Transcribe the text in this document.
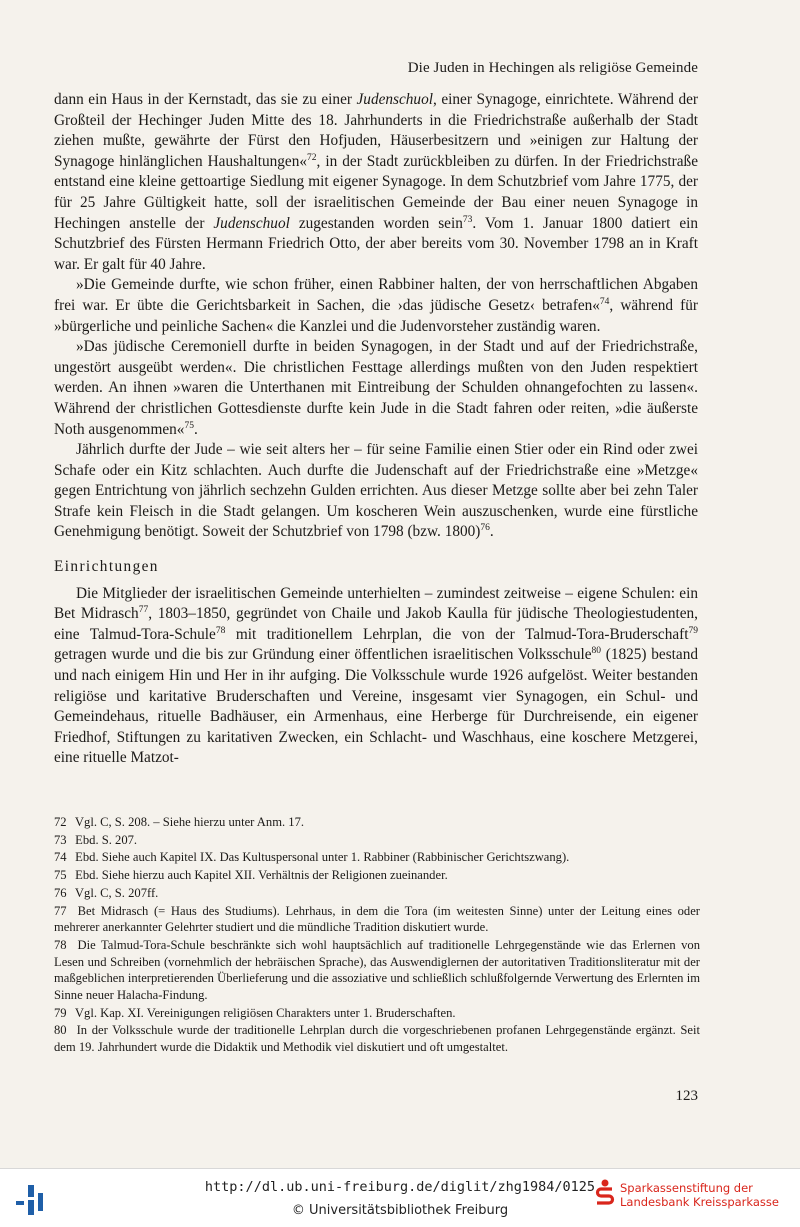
Die Juden in Hechingen als religiöse Gemeinde

dann ein Haus in der Kernstadt, das sie zu einer Judenschuol, einer Synagoge, einrichtete. Während der Großteil der Hechinger Juden Mitte des 18. Jahrhunderts in die Friedrichstraße außerhalb der Stadt ziehen mußte, gewährte der Fürst den Hofjuden, Häuserbesitzern und »einigen zur Haltung der Synagoge hinlänglichen Haushaltungen«$^{72}$, in der Stadt zurückbleiben zu dürfen. In der Friedrichstraße entstand eine kleine gettoartige Siedlung mit eigener Synagoge. In dem Schutzbrief vom Jahre 1775, der für 25 Jahre Gültigkeit hatte, soll der israelitischen Gemeinde der Bau einer neuen Synagoge in Hechingen anstelle der Judenschuol zugestanden worden sein$^{73}$. Vom 1. Januar 1800 datiert ein Schutzbrief des Fürsten Hermann Friedrich Otto, der aber bereits vom 30. November 1798 an in Kraft war. Er galt für 40 Jahre.

»Die Gemeinde durfte, wie schon früher, einen Rabbiner halten, der von herrschaftlichen Abgaben frei war. Er übte die Gerichtsbarkeit in Sachen, die ›das jüdische Gesetz‹ betrafen«$^{74}$, während für »bürgerliche und peinliche Sachen« die Kanzlei und die Judenvorsteher zuständig waren.

»Das jüdische Ceremoniell durfte in beiden Synagogen, in der Stadt und auf der Friedrichstraße, ungestört ausgeübt werden«. Die christlichen Festtage allerdings mußten von den Juden respektiert werden. An ihnen »waren die Unterthanen mit Eintreibung der Schulden ohnangefochten zu lassen«. Während der christlichen Gottesdienste durfte kein Jude in die Stadt fahren oder reiten, »die äußerste Noth ausgenommen«$^{75}$.

Jährlich durfte der Jude – wie seit alters her – für seine Familie einen Stier oder ein Rind oder zwei Schafe oder ein Kitz schlachten. Auch durfte die Judenschaft auf der Friedrichstraße eine »Metzge« gegen Entrichtung von jährlich sechzehn Gulden errichten. Aus dieser Metzge sollte aber bei zehn Taler Strafe kein Fleisch in die Stadt gelangen. Um koscheren Wein auszuschenken, wurde eine fürstliche Genehmigung benötigt. Soweit der Schutzbrief von 1798 (bzw. 1800)$^{76}$.

Einrichtungen

Die Mitglieder der israelitischen Gemeinde unterhielten – zumindest zeitweise – eigene Schulen: ein Bet Midrasch$^{77}$, 1803–1850, gegründet von Chaile und Jakob Kaulla für jüdische Theologiestudenten, eine Talmud-Tora-Schule$^{78}$ mit traditionellem Lehrplan, die von der Talmud-Tora-Bruderschaft$^{79}$ getragen wurde und die bis zur Gründung einer öffentlichen israelitischen Volksschule$^{80}$ (1825) bestand und nach einigem Hin und Her in ihr aufging. Die Volksschule wurde 1926 aufgelöst. Weiter bestanden religiöse und karitative Bruderschaften und Vereine, insgesamt vier Synagogen, ein Schul- und Gemeindehaus, rituelle Badhäuser, ein Armenhaus, eine Herberge für Durchreisende, ein eigener Friedhof, Stiftungen zu karitativen Zwecken, ein Schlacht- und Waschhaus, eine koschere Metzgerei, eine rituelle Matzot-

72 Vgl. C, S. 208. – Siehe hierzu unter Anm. 17.
73 Ebd. S. 207.
74 Ebd. Siehe auch Kapitel IX. Das Kultuspersonal unter 1. Rabbiner (Rabbinischer Gerichtszwang).
75 Ebd. Siehe hierzu auch Kapitel XII. Verhältnis der Religionen zueinander.
76 Vgl. C, S. 207ff.
77 Bet Midrasch (= Haus des Studiums). Lehrhaus, in dem die Tora (im weitesten Sinne) unter der Leitung eines oder mehrerer anerkannter Gelehrter studiert und die mündliche Tradition diskutiert wurde.
78 Die Talmud-Tora-Schule beschränkte sich wohl hauptsächlich auf traditionelle Lehrgegenstände wie das Erlernen von Lesen und Schreiben (vornehmlich der hebräischen Sprache), das Auswendiglernen der autoritativen Traditionsliteratur mit der maßgeblichen interpretierenden Überlieferung und die assoziative und schließlich schlußfolgernde Verwertung des Erlernten im Sinne neuer Halacha-Findung.
79 Vgl. Kap. XI. Vereinigungen religiösen Charakters unter 1. Bruderschaften.
80 In der Volksschule wurde der traditionelle Lehrplan durch die vorgeschriebenen profanen Lehrgegenstände ergänzt. Seit dem 19. Jahrhundert wurde die Didaktik und Methodik viel diskutiert und oft umgestaltet.
123
http://dl.ub.uni-freiburg.de/diglit/zhg1984/0125
© Universitätsbibliothek Freiburg
Sparkassenstiftung der
Landesbank Kreissparkasse
